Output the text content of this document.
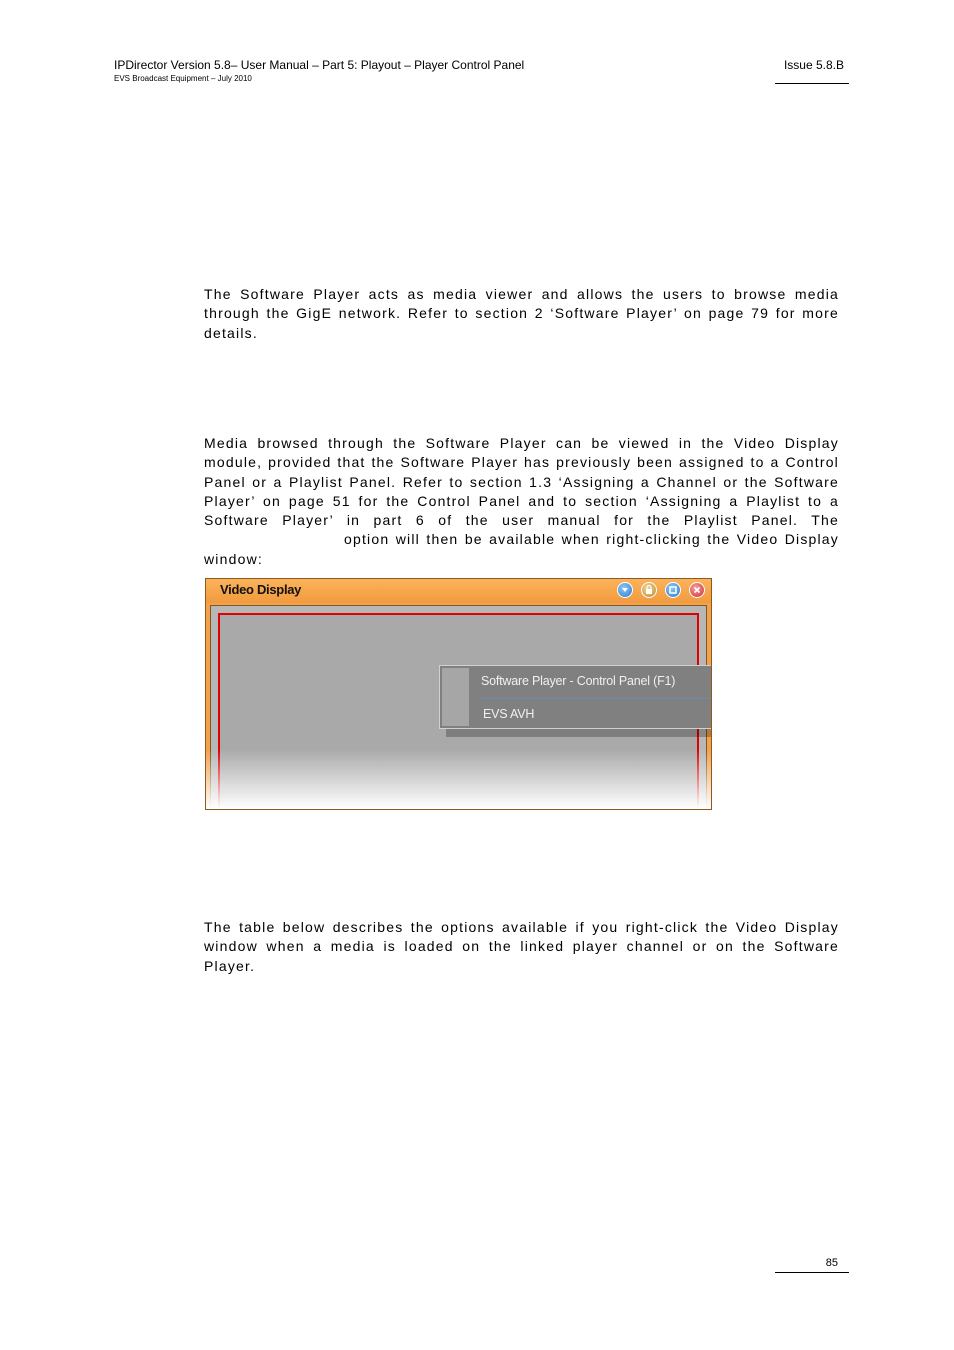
IPDirector Version 5.8– User Manual – Part 5: Playout – Player Control Panel
EVS Broadcast Equipment – July 2010
Issue 5.8.B

The Software Player acts as media viewer and allows the users to browse media through the GigE network. Refer to section 2 ‘Software Player’ on page 79 for more details.

Media browsed through the Software Player can be viewed in the Video Display module, provided that the Software Player has previously been assigned to a Control Panel or a Playlist Panel. Refer to section 1.3 ‘Assigning a Channel or the Software Player’ on page 51 for the Control Panel and to section ‘Assigning a Playlist to a Software Player’ in part 6 of the user manual for the Playlist Panel. Theoption will then be available when right-clicking the Video Display window:

Video Display
Software Player - Control Panel (F1)
EVS AVH

The table below describes the options available if you right-click the Video Display window when a media is loaded on the linked player channel or on the Software Player.

85
